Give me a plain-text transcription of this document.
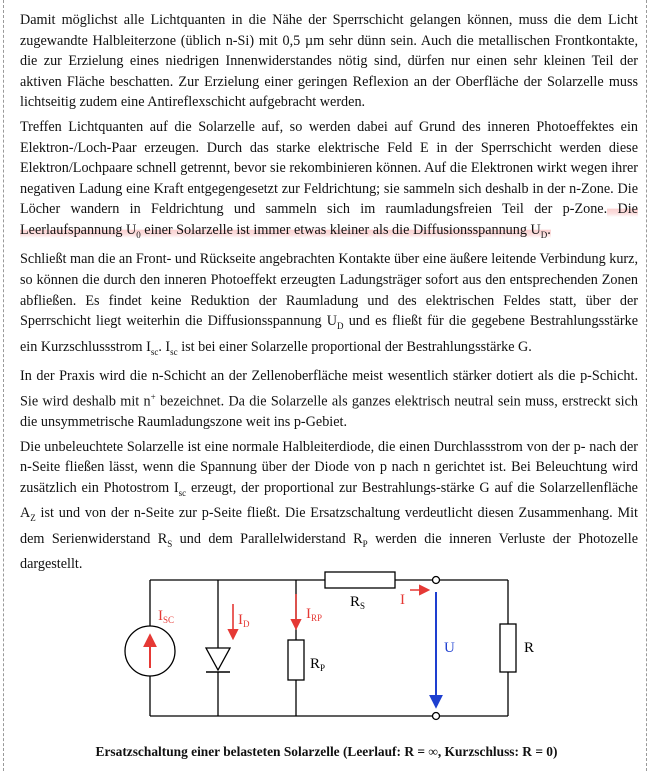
Damit möglichst alle Lichtquanten in die Nähe der Sperrschicht gelangen können, muss die dem Licht zugewandte Halbleiterzone (üblich n-Si) mit 0,5 µm sehr dünn sein. Auch die metallischen Frontkontakte, die zur Erzielung eines niedrigen Innenwiderstandes nötig sind, dürfen nur einen sehr kleinen Teil der aktiven Fläche beschatten. Zur Erzielung einer geringen Reflexion an der Oberfläche der Solarzelle muss lichtseitig zudem eine Antireflexschicht aufgebracht werden.

Treffen Lichtquanten auf die Solarzelle auf, so werden dabei auf Grund des inneren Photoeffektes ein Elektron-/Loch-Paar erzeugen. Durch das starke elektrische Feld E in der Sperrschicht werden diese Elektron/Lochpaare schnell getrennt, bevor sie rekombinieren können. Auf die Elektronen wirkt wegen ihrer negativen Ladung eine Kraft entgegengesetzt zur Feldrichtung; sie sammeln sich deshalb in der n-Zone. Die Löcher wandern in Feldrichtung und sammeln sich im raumladungsfreien Teil der p-Zone. Die Leerlaufspannung $U_0$ einer Solarzelle ist immer etwas kleiner als die Diffusionsspannung $U_D$.

Schließt man die an Front- und Rückseite angebrachten Kontakte über eine äußere leitende Verbindung kurz, so können die durch den inneren Photoeffekt erzeugten Ladungsträger sofort aus den entsprechenden Zonen abfließen. Es findet keine Reduktion der Raumladung und des elektrischen Feldes statt, über der Sperrschicht liegt weiterhin die Diffusionsspannung $U_D$ und es fließt für die gegebene Bestrahlungsstärke ein Kurzschlussstrom $I_{sc}$. $I_{sc}$ ist bei einer Solarzelle proportional der Bestrahlungsstärke G.

In der Praxis wird die n-Schicht an der Zellenoberfläche meist wesentlich stärker dotiert als die p-Schicht. Sie wird deshalb mit n+ bezeichnet. Da die Solarzelle als ganzes elektrisch neutral sein muss, erstreckt sich die unsymmetrische Raumladungszone weit ins p-Gebiet.

Die unbeleuchtete Solarzelle ist eine normale Halbleiterdiode, die einen Durchlassstrom von der p- nach der n-Seite fließen lässt, wenn die Spannung über der Diode von p nach n gerichtet ist. Bei Beleuchtung wird zusätzlich ein Photostrom $I_{sc}$ erzeugt, der proportional zur Bestrahlungs-stärke G auf die Solarzellenfläche $A_Z$ ist und von der n-Seite zur p-Seite fließt. Die Ersatzschaltung verdeutlicht diesen Zusammenhang. Mit dem Serienwiderstand $R_S$ und dem Parallelwiderstand $R_P$ werden die inneren Verluste der Photozelle dargestellt.

$I_{SC}$	$I_D$
$I_{RP}$
$R_P$
$R_S$ I
U	R
Ersatzschaltung einer belasteten Solarzelle (Leerlauf: R = ∞, Kurzschluss: R = 0)
